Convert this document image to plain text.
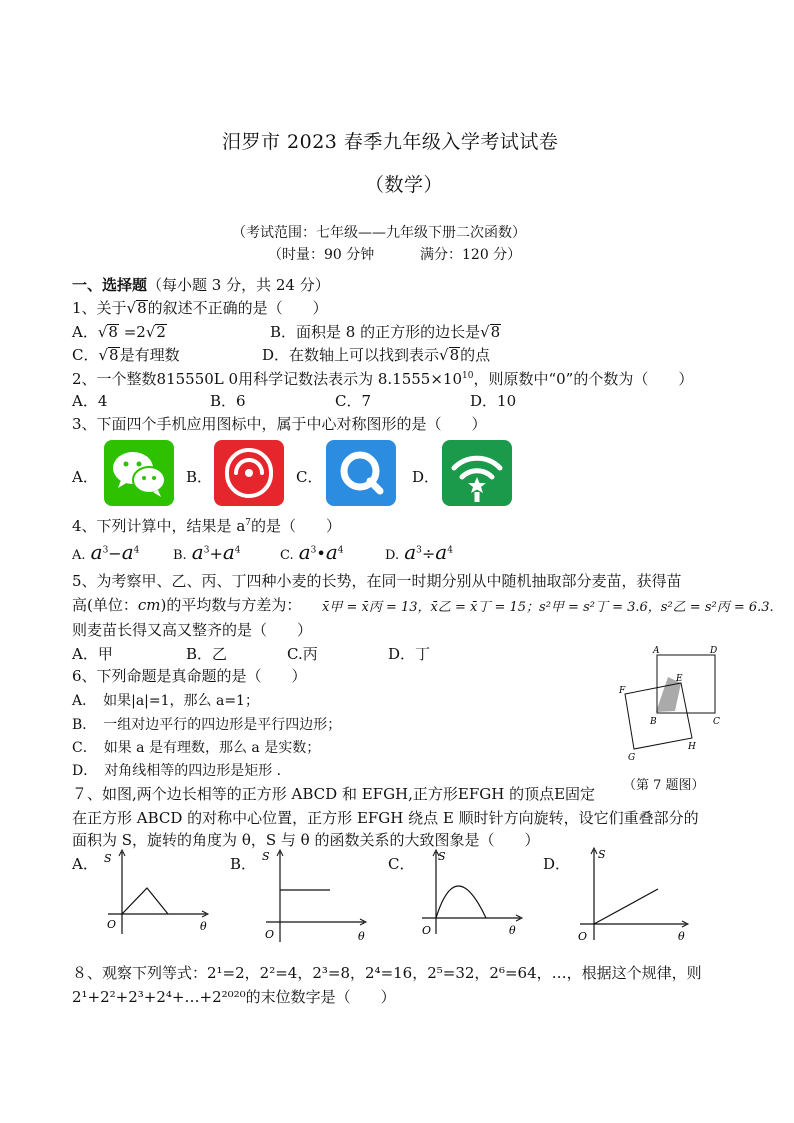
汨罗市 2023 春季九年级入学考试试卷
（数学）
（考试范围：七年级——九年级下册二次函数）
（时量：90 分钟	满分：120 分）
一、选择题（每小题 3 分，共 24 分）
1、关于√8的叙述不正确的是（　　）
A．√8 =2√2	B．面积是 8 的正方形的边长是√8
C．√8是有理数	D．在数轴上可以找到表示√8的点
2、一个整数815550L 0用科学记数法表示为 $8.1555\times 10^{10}$，则原数中“0”的个数为（　　）
A．4	B．6	C．7	D．10
3、下面四个手机应用图标中，属于中心对称图形的是（　　）
A．	B．	C．	D．
4、下列计算中，结果是 $a^7$的是（　　）
A. $a^3-a^4$	B. $a^3+a^4$	C. $a^3•a^4$	D. $a^3\div a^4$
5、为考察甲、乙、丙、丁四种小麦的长势，在同一时期分别从中随机抽取部分麦苗，获得苗
高(单位：cm)的平均数与方差为： x̄甲 = x̄丙 = 13，x̄乙 = x̄丁 = 15；s²甲 = s²丁 = 3.6，s²乙 = s²丙 = 6.3.
则麦苗长得又高又整齐的是（　　）
A．甲	B．乙	C.丙	D．丁
6、下列命题是真命题的是（　　）
A．　如果|a|=1，那么 a=1；
B．　一组对边平行的四边形是平行四边形；
C．　如果 a 是有理数，那么 a 是实数；
D．　对角线相等的四边形是矩形 .
A	D
F
E
B	C
G
H
（第 7 题图）
７、如图,两个边长相等的正方形 ABCD 和 EFGH,正方形EFGH 的顶点E固定
在正方形 ABCD 的对称中心位置，正方形 EFGH 绕点 E 顺时针方向旋转，设它们重叠部分的
面积为 S，旋转的角度为 θ，S 与 θ 的函数关系的大致图象是（　　）
A． S
O	θ
B． S
O	θ
C． S
O	θ
D．
S
O	θ
８、观察下列等式：2¹=2，2²=4，2³=8，2⁴=16，2⁵=32，2⁶=64，…，根据这个规律，则
2¹+2²+2³+2⁴+…+2²⁰²⁰的末位数字是（　　）
